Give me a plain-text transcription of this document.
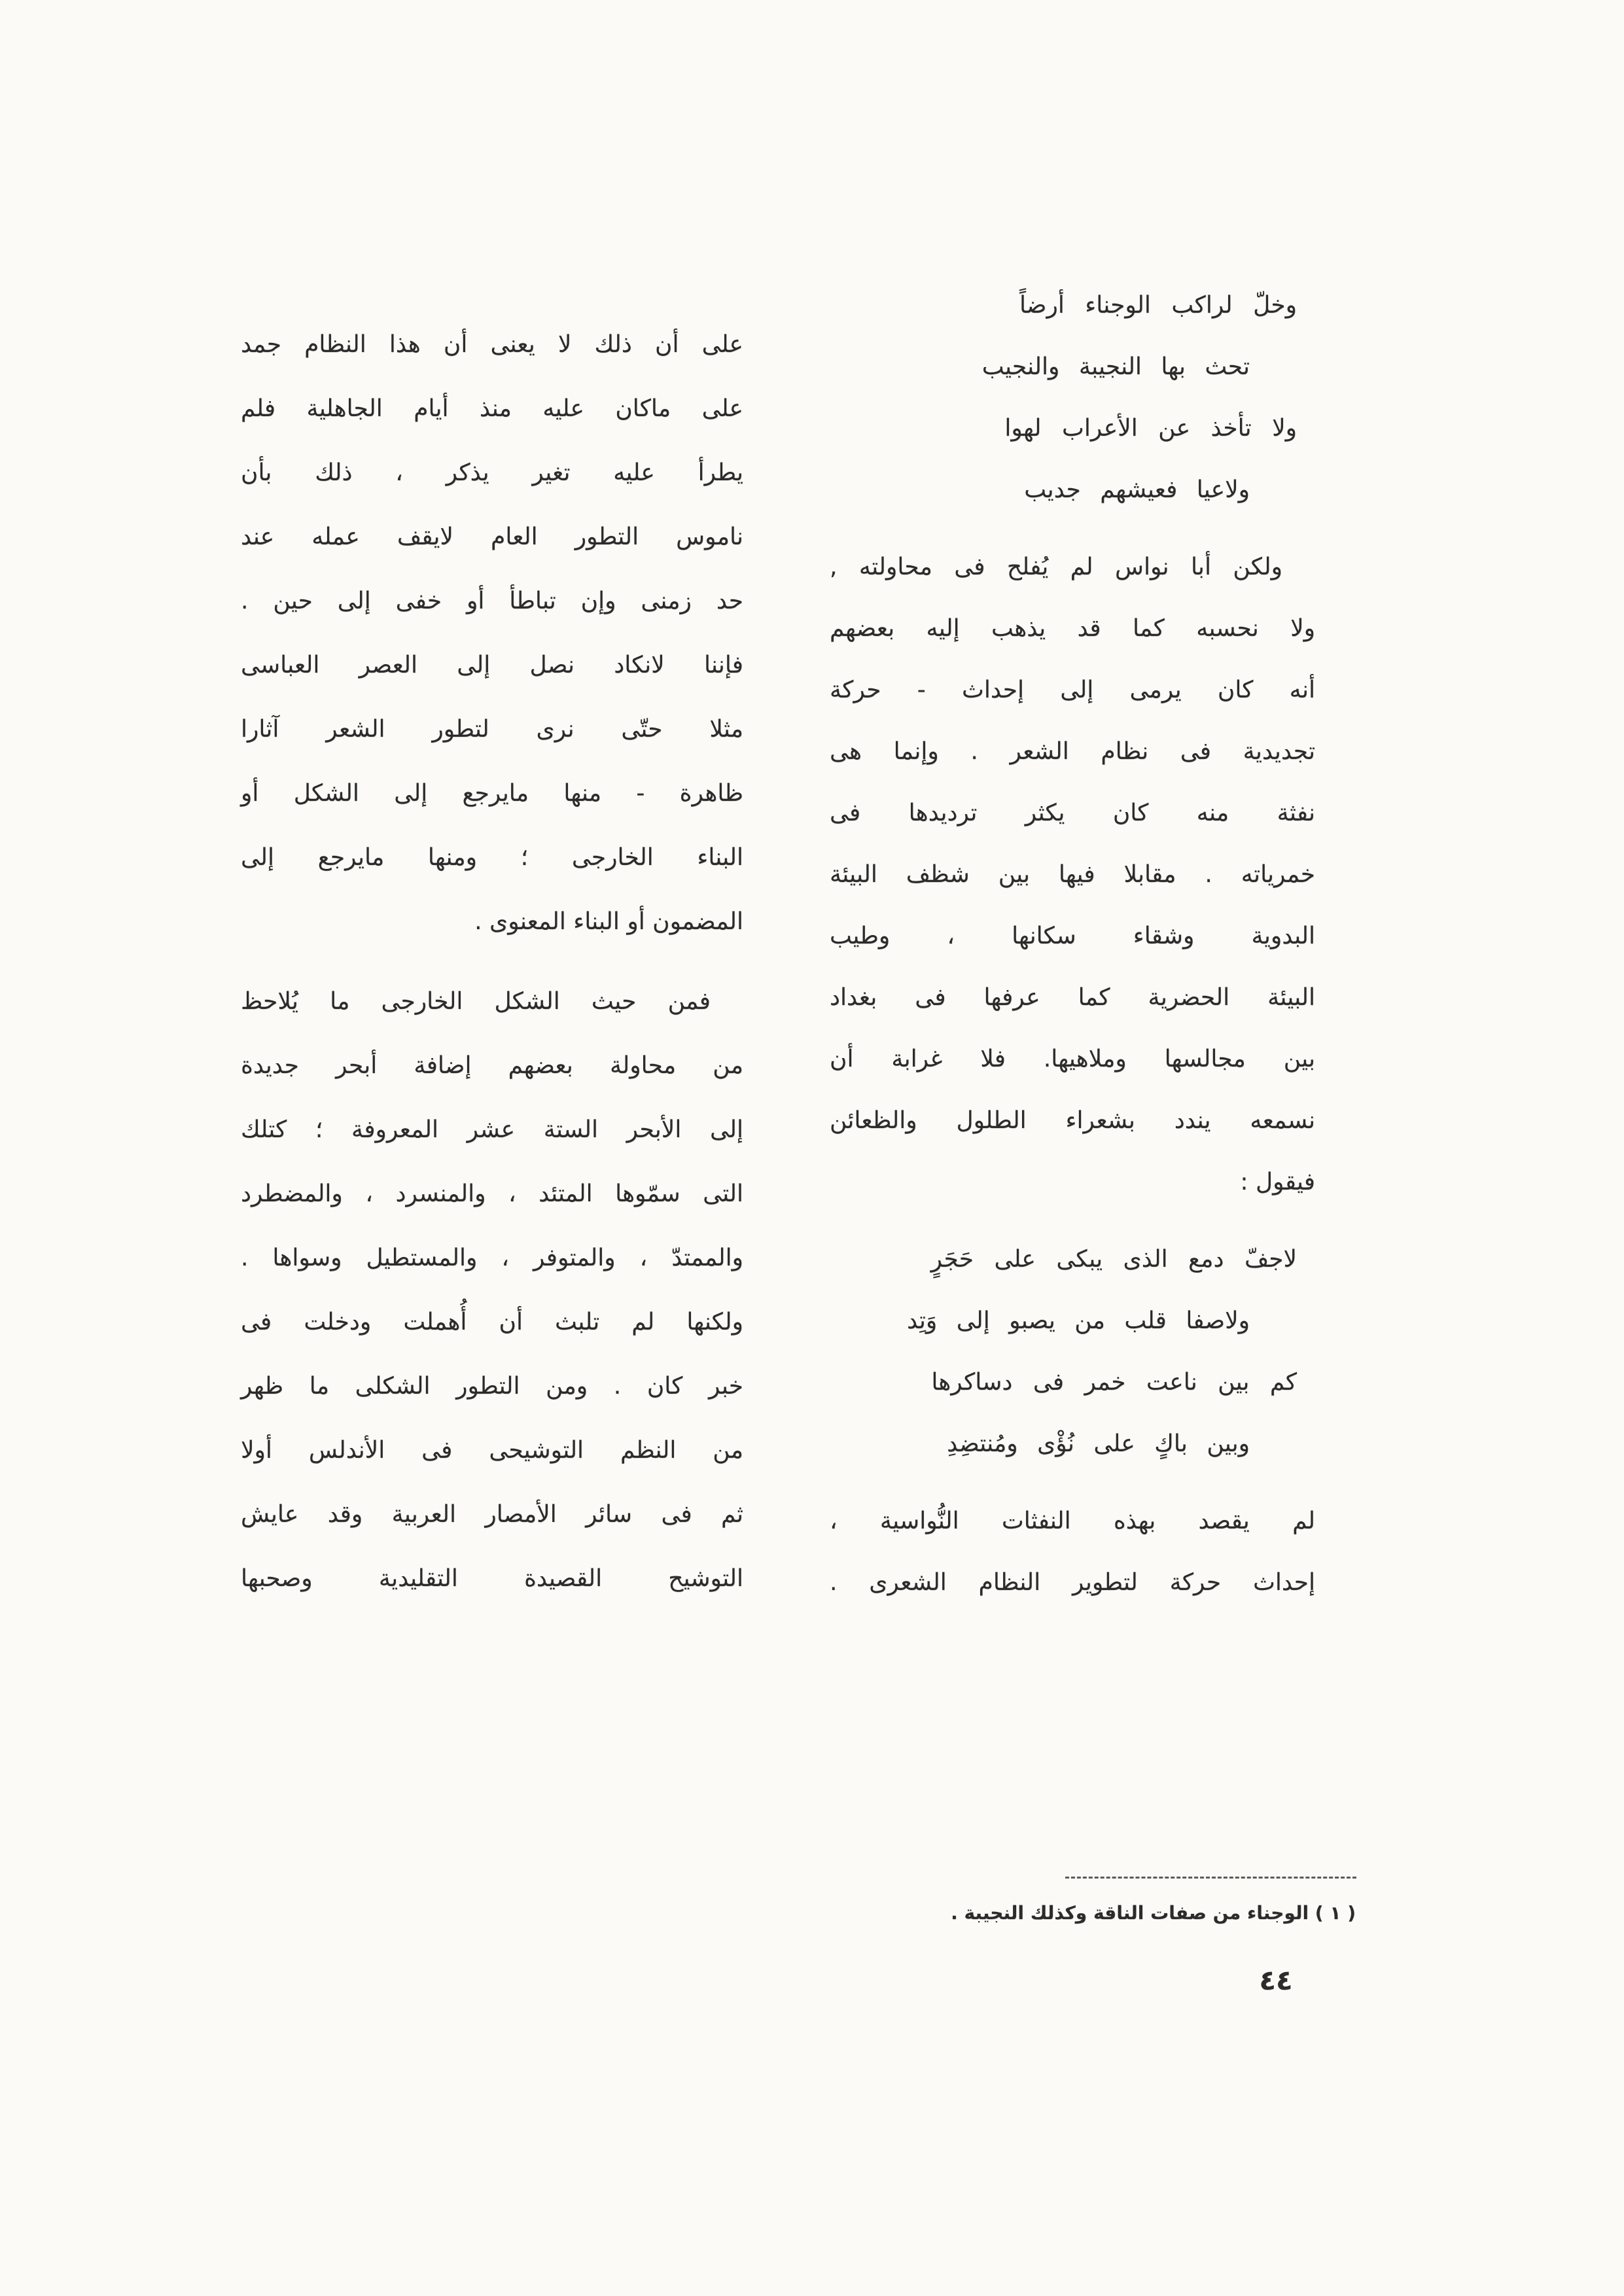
وخلّ لراكب الوجناء أرضاً
تحث بها النجيبة والنجيب
ولا تأخذ عن الأعراب لهوا
ولاعيا فعيشهم جديب
ولكن أبا نواس لم يُفلح فى محاولته ,
ولا نحسبه كما قد يذهب إليه بعضهم
أنه كان يرمى إلى إحداث - حركة
تجديدية فى نظام الشعر . وإنما هى
نفثة منه كان يكثر ترديدها فى
خمرياته . مقابلا فيها بين شظف البيئة
البدوية وشقاء سكانها ، وطيب
البيئة الحضرية كما عرفها فى بغداد
بين مجالسها وملاهيها. فلا غرابة أن
نسمعه يندد بشعراء الطلول والظعائن
فيقول :
لاجفّ دمع الذى يبكى على حَجَرٍ
ولاصفا قلب من يصبو إلى وَتِد
كم بين ناعت خمر فى دساكرها
وبين باكٍ على نُؤْى ومُنتضِدِ
لم يقصد بهذه النفثات النُّواسية ،
إحداث حركة لتطوير النظام الشعرى .
على أن ذلك لا يعنى أن هذا النظام جمد
على ماكان عليه منذ أيام الجاهلية فلم
يطرأ عليه تغير يذكر ، ذلك بأن
ناموس التطور العام لايقف عمله عند
حد زمنى وإن تباطأ أو خفى إلى حين .
فإننا لانكاد نصل إلى العصر العباسى
مثلا حتّى نرى لتطور الشعر آثارا
ظاهرة - منها مايرجع إلى الشكل أو
البناء الخارجى ؛ ومنها مايرجع إلى
المضمون أو البناء المعنوى .
فمن حيث الشكل الخارجى ما يُلاحظ
من محاولة بعضهم إضافة أبحر جديدة
إلى الأبحر الستة عشر المعروفة ؛ كتلك
التى سمّوها المتئد ، والمنسرد ، والمضطرد
والممتدّ ، والمتوفر ، والمستطيل وسواها .
ولكنها لم تلبث أن أُهملت ودخلت فى
خبر كان . ومن التطور الشكلى ما ظهر
من النظم التوشيحى فى الأندلس أولا
ثم فى سائر الأمصار العربية وقد عايش
التوشيح القصيدة التقليدية وصحبها
( ١ ) الوجناء من صفات الناقة وكذلك النجيبة .
٤٤
